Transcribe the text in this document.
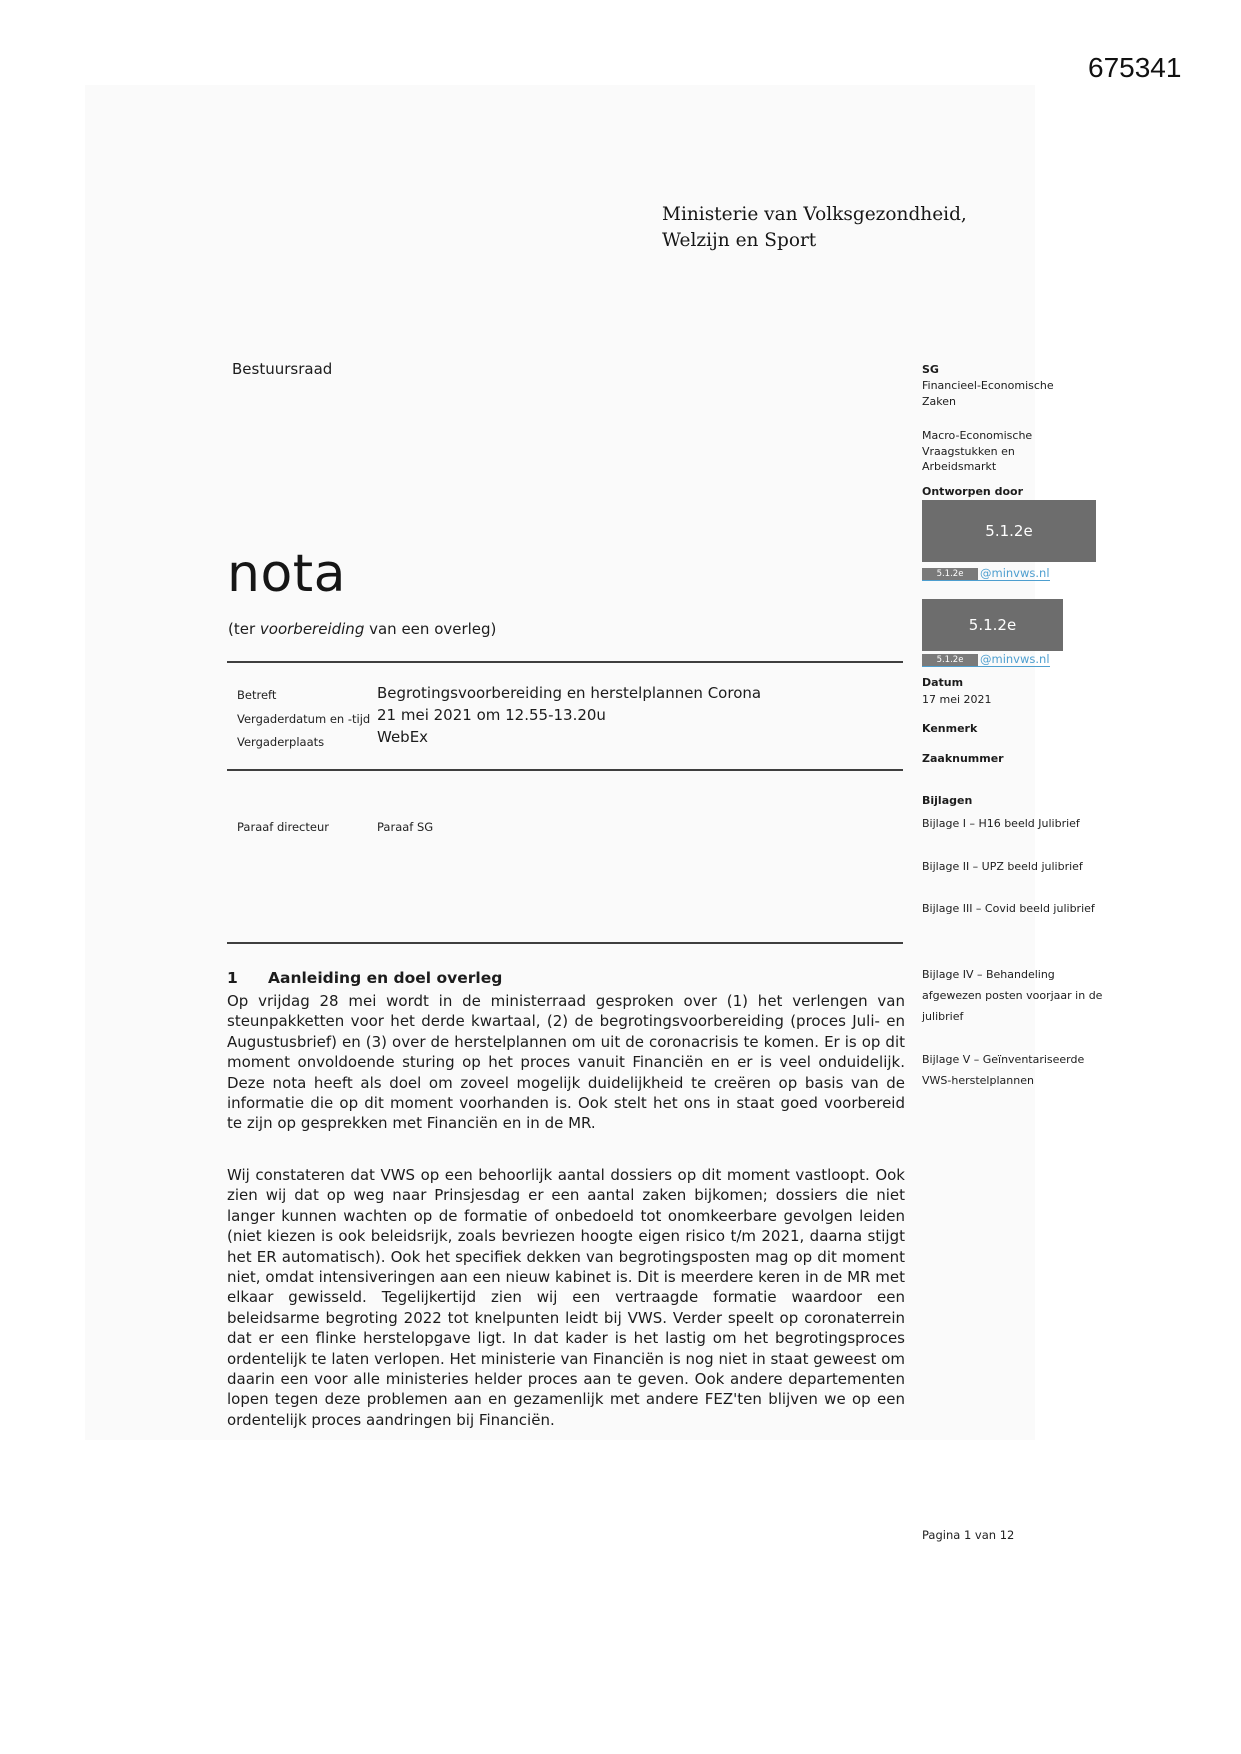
675341
Ministerie van Volksgezondheid,
Welzijn en Sport
Bestuursraad
nota
(ter voorbereiding van een overleg)
Betreft	Begrotingsvoorbereiding en herstelplannen Corona
Vergaderdatum en -tijd 21 mei 2021 om 12.55-13.20u
Vergaderplaats	WebEx
Paraaf directeur	Paraaf SG
1 Aanleiding en doel overleg
Op vrijdag 28 mei wordt in de ministerraad gesproken over (1) het verlengen van steunpakketten voor het derde kwartaal, (2) de begrotingsvoorbereiding (proces Juli- en Augustusbrief) en (3) over de herstelplannen om uit de coronacrisis te komen. Er is op dit moment onvoldoende sturing op het proces vanuit Financiën en er is veel onduidelijk. Deze nota heeft als doel om zoveel mogelijk duidelijkheid te creëren op basis van de informatie die op dit moment voorhanden is. Ook stelt het ons in staat goed voorbereid te zijn op gesprekken met Financiën en in de MR.
Wij constateren dat VWS op een behoorlijk aantal dossiers op dit moment vastloopt. Ook zien wij dat op weg naar Prinsjesdag er een aantal zaken bijkomen; dossiers die niet langer kunnen wachten op de formatie of onbedoeld tot onomkeerbare gevolgen leiden (niet kiezen is ook beleidsrijk, zoals bevriezen hoogte eigen risico t/m 2021, daarna stijgt het ER automatisch). Ook het specifiek dekken van begrotingsposten mag op dit moment niet, omdat intensiveringen aan een nieuw kabinet is. Dit is meerdere keren in de MR met elkaar gewisseld. Tegelijkertijd zien wij een vertraagde formatie waardoor een beleidsarme begroting 2022 tot knelpunten leidt bij VWS. Verder speelt op coronaterrein dat er een flinke herstelopgave ligt. In dat kader is het lastig om het begrotingsproces ordentelijk te laten verlopen. Het ministerie van Financiën is nog niet in staat geweest om daarin een voor alle ministeries helder proces aan te geven. Ook andere departementen lopen tegen deze problemen aan en gezamenlijk met andere FEZ'ten blijven we op een ordentelijk proces aandringen bij Financiën.
SG
Financieel-Economische
Zaken
Macro-Economische
Vraagstukken en
Arbeidsmarkt
Ontworpen door
5.1.2e
5.1.2e	@minvws.nl
5.1.2e
5.1.2e	@minvws.nl
Datum
17 mei 2021
Kenmerk
Zaaknummer
Bijlagen
Bijlage I – H16 beeld Julibrief
Bijlage II – UPZ beeld julibrief
Bijlage III – Covid beeld julibrief
Bijlage IV – Behandeling afgewezen posten voorjaar in de julibrief
Bijlage V – Geïnventariseerde VWS-herstelplannen
Pagina 1 van 12
